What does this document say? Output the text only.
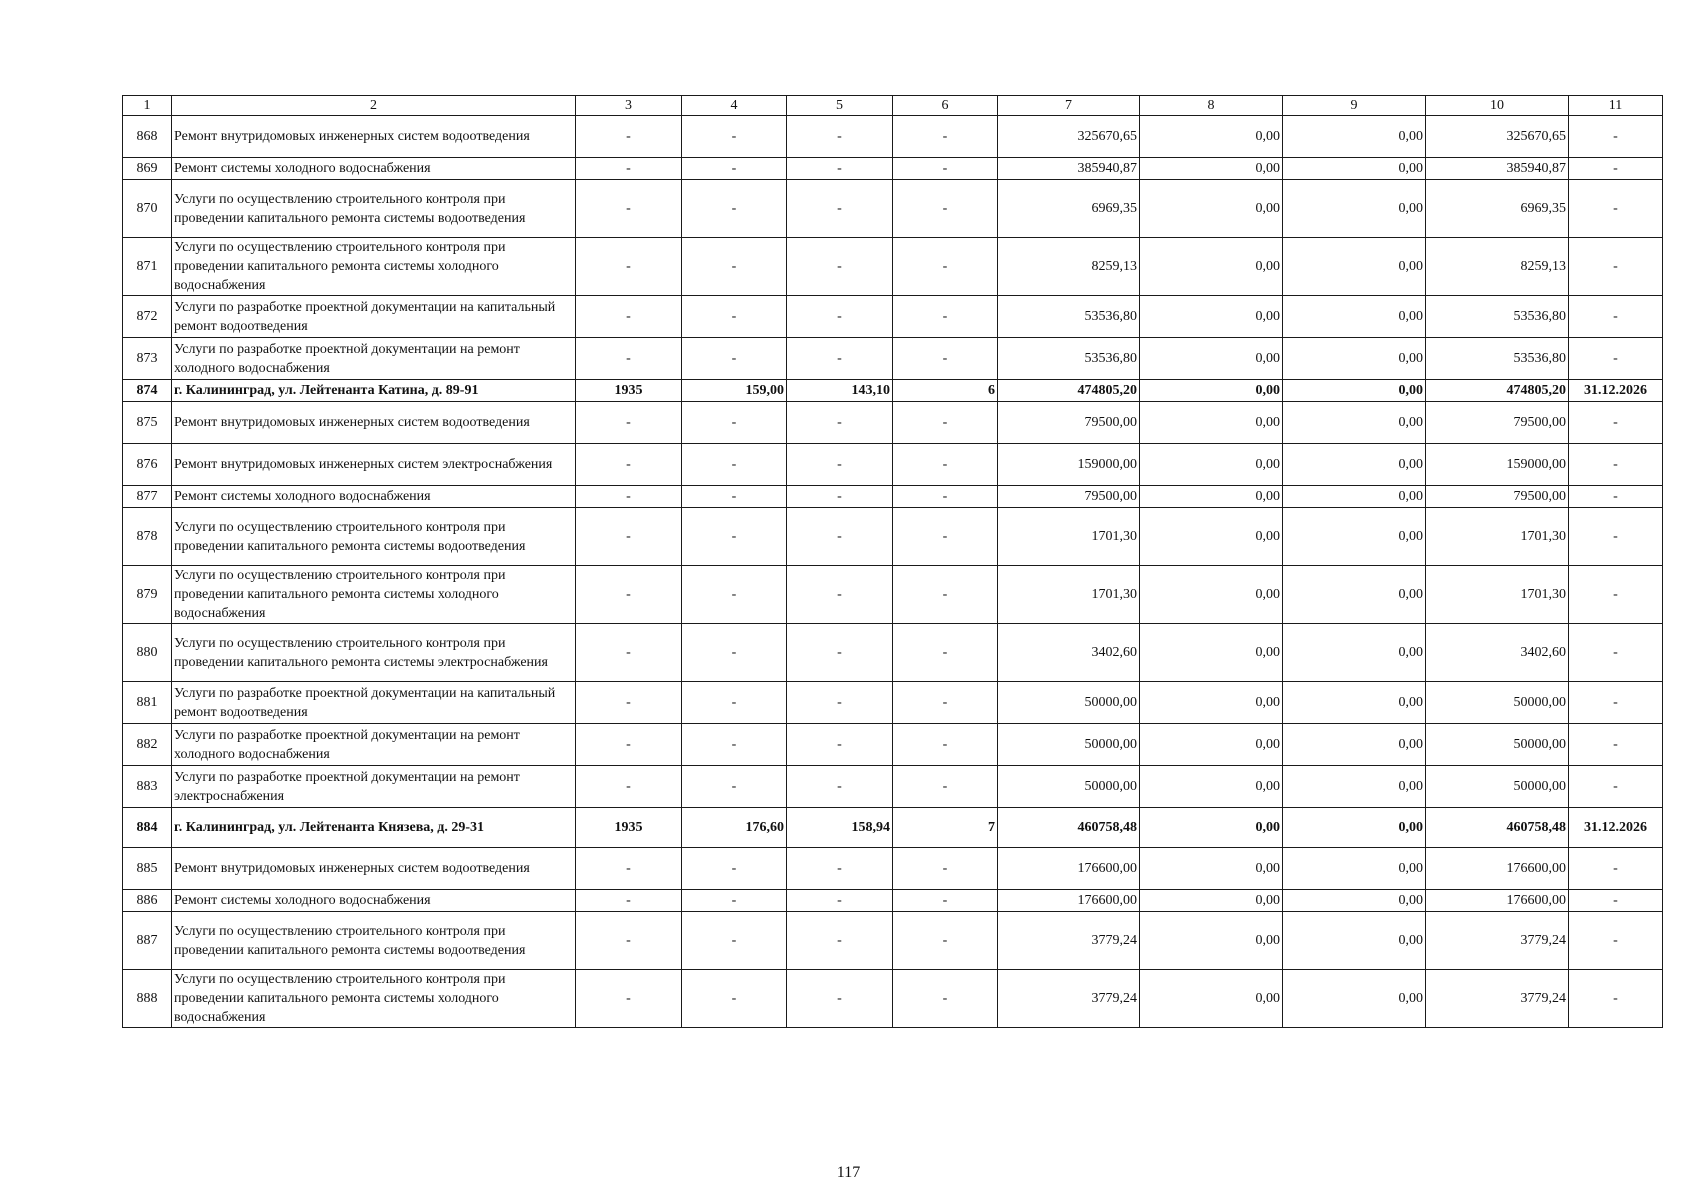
1	2	3	4	5	6	7	8	9	10	11
868	Ремонт внутридомовых инженерных систем водоотведения	-	-	-	-	325670,65	0,00	0,00	325670,65	-
869	Ремонт системы холодного водоснабжения	-	-	-	-	385940,87	0,00	0,00	385940,87	-
870	Услуги по осуществлению строительного контроля при проведении капитального ремонта системы водоотведения	-	-	-	-	6969,35	0,00	0,00	6969,35	-
871	Услуги по осуществлению строительного контроля при проведении капитального ремонта системы холодного водоснабжения	-	-	-	-	8259,13	0,00	0,00	8259,13	-
872	Услуги по разработке проектной документации на капитальный ремонт водоотведения	-	-	-	-	53536,80	0,00	0,00	53536,80	-
873	Услуги по разработке проектной документации на ремонт холодного водоснабжения	-	-	-	-	53536,80	0,00	0,00	53536,80	-
874	г. Калининград, ул. Лейтенанта Катина, д. 89-91	1935	159,00	143,10	6	474805,20	0,00	0,00	474805,20	31.12.2026
875	Ремонт внутридомовых инженерных систем водоотведения	-	-	-	-	79500,00	0,00	0,00	79500,00	-
876	Ремонт внутридомовых инженерных систем электроснабжения	-	-	-	-	159000,00	0,00	0,00	159000,00	-
877	Ремонт системы холодного водоснабжения	-	-	-	-	79500,00	0,00	0,00	79500,00	-
878	Услуги по осуществлению строительного контроля при проведении капитального ремонта системы водоотведения	-	-	-	-	1701,30	0,00	0,00	1701,30	-
879	Услуги по осуществлению строительного контроля при проведении капитального ремонта системы холодного водоснабжения	-	-	-	-	1701,30	0,00	0,00	1701,30	-
880	Услуги по осуществлению строительного контроля при проведении капитального ремонта системы электроснабжения	-	-	-	-	3402,60	0,00	0,00	3402,60	-
881	Услуги по разработке проектной документации на капитальный ремонт водоотведения	-	-	-	-	50000,00	0,00	0,00	50000,00	-
882	Услуги по разработке проектной документации на ремонт холодного водоснабжения	-	-	-	-	50000,00	0,00	0,00	50000,00	-
883	Услуги по разработке проектной документации на ремонт электроснабжения	-	-	-	-	50000,00	0,00	0,00	50000,00	-
884	г. Калининград, ул. Лейтенанта Князева, д. 29-31	1935	176,60	158,94	7	460758,48	0,00	0,00	460758,48	31.12.2026
885	Ремонт внутридомовых инженерных систем водоотведения	-	-	-	-	176600,00	0,00	0,00	176600,00	-
886	Ремонт системы холодного водоснабжения	-	-	-	-	176600,00	0,00	0,00	176600,00	-
887	Услуги по осуществлению строительного контроля при проведении капитального ремонта системы водоотведения	-	-	-	-	3779,24	0,00	0,00	3779,24	-
888	Услуги по осуществлению строительного контроля при проведении капитального ремонта системы холодного водоснабжения	-	-	-	-	3779,24	0,00	0,00	3779,24	-
117
